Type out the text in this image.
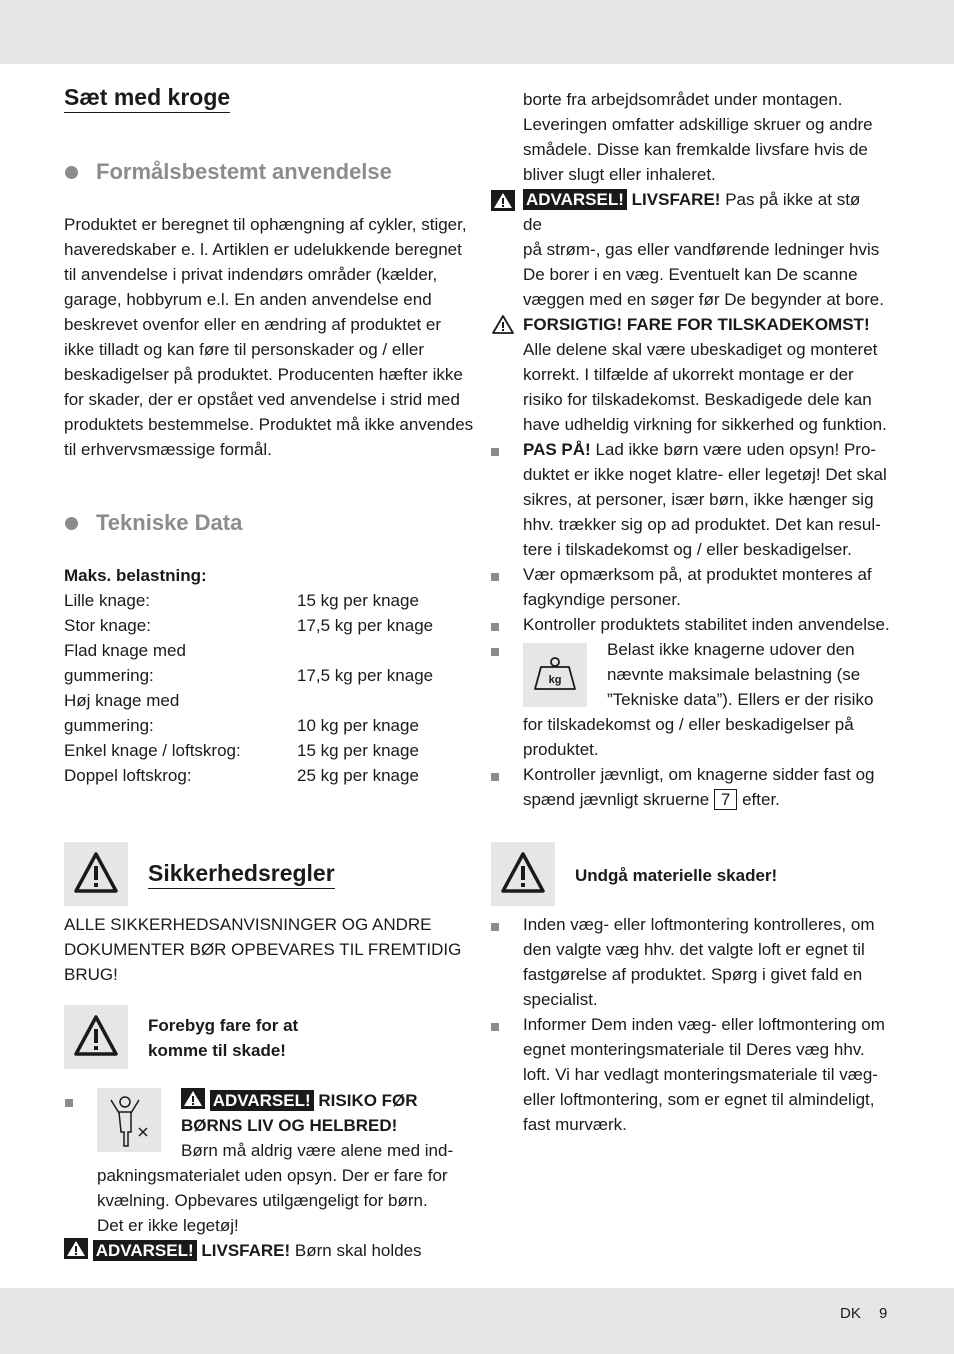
Sæt med kroge
Formålsbestemt anvendelse
Produktet er beregnet til ophængning af cykler, stiger,
haveredskaber e. l. Artiklen er udelukkende beregnet
til anvendelse i privat indendørs områder (kælder,
garage, hobbyrum e.l. En anden anvendelse end
beskrevet ovenfor eller en ændring af produktet er
ikke tilladt og kan føre til personskader og / eller
beskadigelser på produktet. Producenten hæfter ikke
for skader, der er opstået ved anvendelse i strid med
produktets bestemmelse. Produktet må ikke anvendes
til erhvervsmæssige formål.
Tekniske Data
Maks. belastning:
Lille knage:	15 kg per knage
Stor knage:	17,5 kg per knage
Flad knage med
gummering:	17,5 kg per knage
Høj knage med
gummering:	10 kg per knage
Enkel knage / loftskrog:	15 kg per knage
Doppel loftskrog:	25 kg per knage
Sikkerhedsregler
ALLE SIKKERHEDSANVISNINGER OG ANDRE
DOKUMENTER BØR OPBEVARES TIL FREMTIDIG
BRUG!
Forebyg fare for at
komme til skade!
ADVARSEL! RISIKO FØR
BØRNS LIV OG HELBRED!
Børn må aldrig være alene med ind-
pakningsmaterialet uden opsyn. Der er fare for
kvælning. Opbevares utilgængeligt for børn.
Det er ikke legetøj!
ADVARSEL! LIVSFARE! Børn skal holdes
borte fra arbejdsområdet under montagen.
Leveringen omfatter adskillige skruer og andre
smådele. Disse kan fremkalde livsfare hvis de
bliver slugt eller inhaleret.
ADVARSEL! LIVSFARE! Pas på ikke at stø
de
på strøm-, gas eller vandførende ledninger hvis
De borer i en væg. Eventuelt kan De scanne
væggen med en søger før De begynder at bore.
FORSIGTIG! FARE FOR TILSKADEKOMST!
Alle delene skal være ubeskadiget og monteret
korrekt. I tilfælde af ukorrekt montage er der
risiko for tilskadekomst. Beskadigede dele kan
have udheldig virkning for sikkerhed og funktion.
PAS PÅ! Lad ikke børn være uden opsyn! Pro-
duktet er ikke noget klatre- eller legetøj! Det skal
sikres, at personer, især børn, ikke hænger sig
hhv. trækker sig op ad produktet. Det kan resul-
tere i tilskadekomst og / eller beskadigelser.
Vær opmærksom på, at produktet monteres af
fagkyndige personer.
Kontroller produktets stabilitet inden anvendelse.
kg
Belast ikke knagerne udover den
nævnte maksimale belastning (se
”Tekniske data”). Ellers er der risiko
for tilskadekomst og / eller beskadigelser på
produktet.
Kontroller jævnligt, om knagerne sidder fast og
spænd jævnligt skruerne 7 efter.
Undgå materielle skader!
Inden væg- eller loftmontering kontrolleres, om
den valgte væg hhv. det valgte loft er egnet til
fastgørelse af produktet. Spørg i givet fald en
specialist.
Informer Dem inden væg- eller loftmontering om
egnet monteringsmateriale til Deres væg hhv.
loft. Vi har vedlagt monteringsmateriale til væg-
eller loftmontering, som er egnet til almindeligt,
fast murværk.
DK 9
